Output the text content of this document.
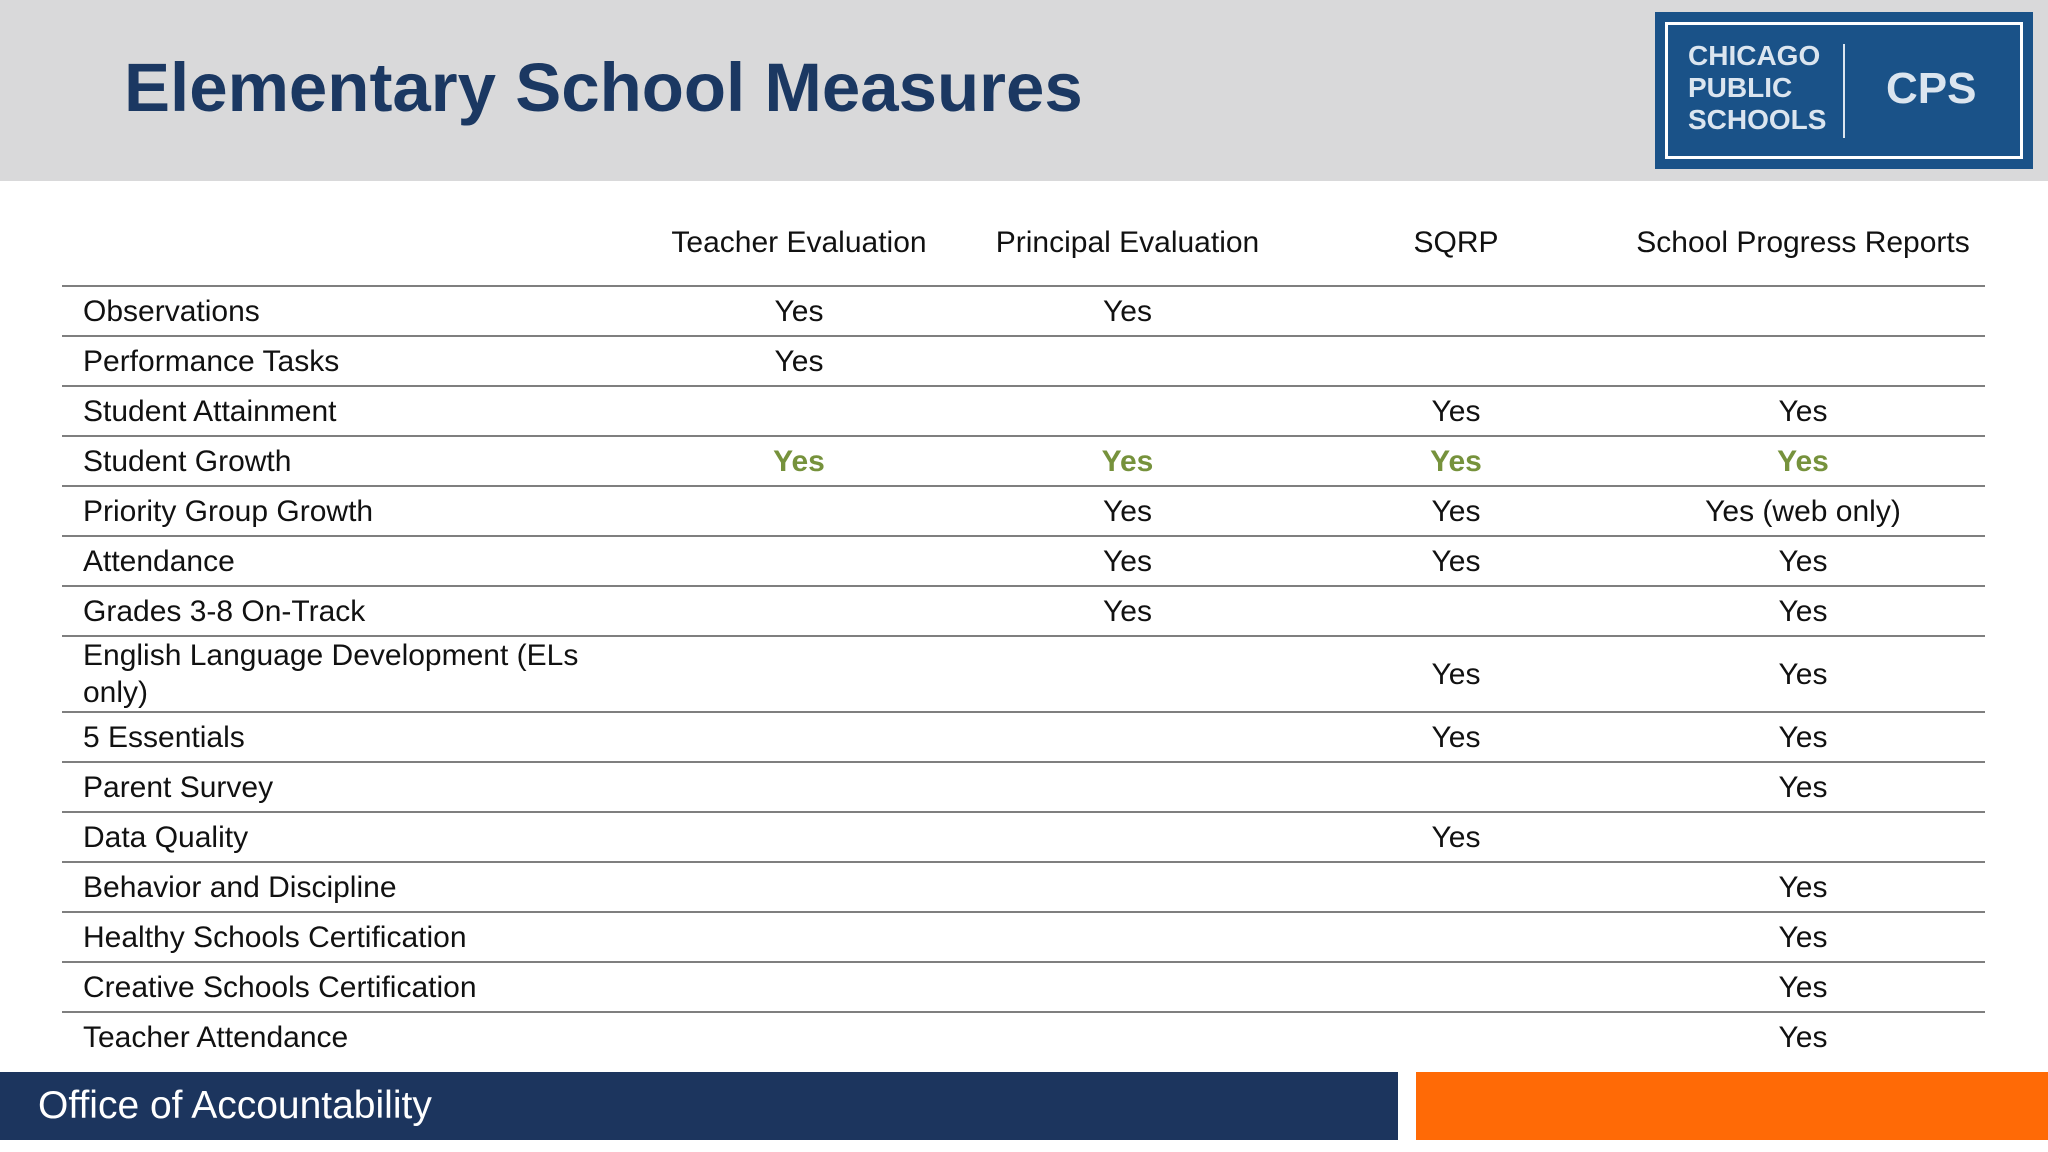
Elementary School Measures	CHICAGO
PUBLIC
SCHOOLS
CPS
	Teacher Evaluation	Principal Evaluation	SQRP	School Progress Reports
Observations	Yes	Yes		
Performance Tasks	Yes			
Student Attainment			Yes	Yes
Student Growth	Yes	Yes	Yes	Yes
Priority Group Growth		Yes	Yes	Yes (web only)
Attendance		Yes	Yes	Yes
Grades 3-8 On-Track		Yes		Yes
English Language Development (ELs only)			Yes	Yes
5 Essentials			Yes	Yes
Parent Survey				Yes
Data Quality			Yes	
Behavior and Discipline				Yes
Healthy Schools Certification				Yes
Creative Schools Certification				Yes
Teacher Attendance				Yes
Office of Accountability
